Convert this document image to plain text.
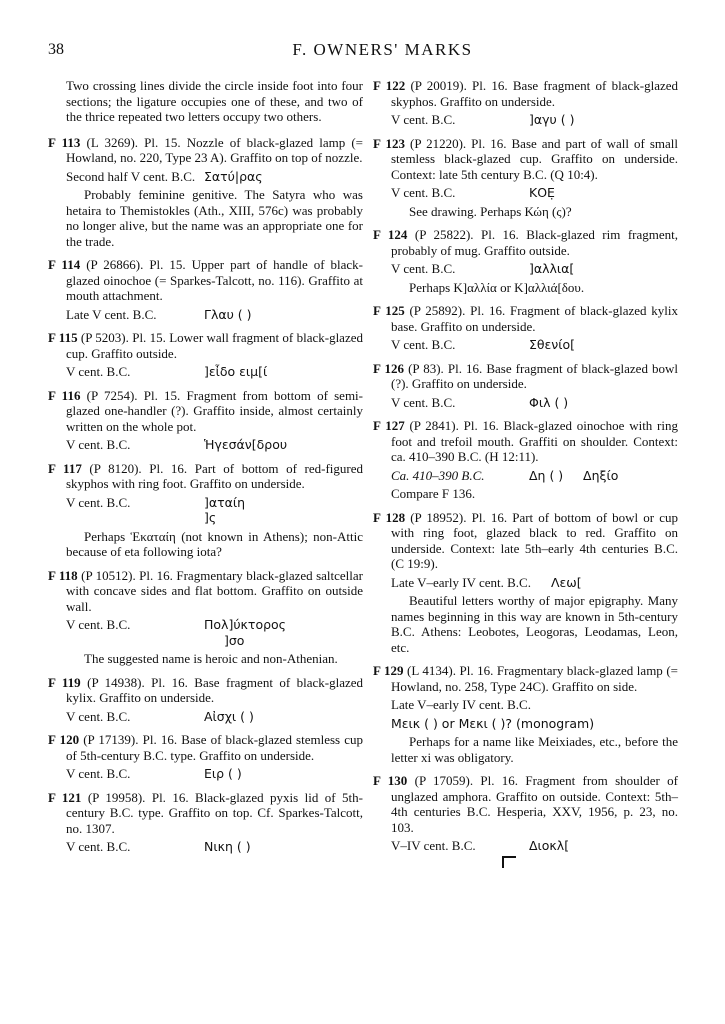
38	F. OWNERS' MARKS

Two crossing lines divide the circle inside foot into four sections; the ligature occupies one of these, and two of the thrice repeated two letters occupy two others.

F 113 (L 3269). Pl. 15. Nozzle of black-glazed lamp (= Howland, no. 220, Type 23 A). Graffito on top of nozzle.

Second half V cent. B.C. Σατύ|ρας

Probably feminine genitive. The Satyra who was hetaira to Themistokles (Ath., XIII, 576c) was probably no longer alive, but the name was an appropriate one for the trade.

F 114 (P 26866). Pl. 15. Upper part of handle of black-glazed oinochoe (= Sparkes-Talcott, no. 116). Graffito at mouth attachment.

Late V cent. B.C.	Γλαυ ( )

F 115 (P 5203). Pl. 15. Lower wall fragment of black-glazed cup. Graffito outside.

V cent. B.C.	]εἶδο ειμ[ί

F 116 (P 7254). Pl. 15. Fragment from bottom of semi-glazed one-handler (?). Graffito inside, almost certainly written on the whole pot.

V cent. B.C.	Ἡγεσάν[δρου

F 117 (P 8120). Pl. 16. Part of bottom of red-figured skyphos with ring foot. Graffito on underside.

V cent. B.C.	]αταίη
]ς

Perhaps Ἑκαταίη (not known in Athens); non-Attic because of eta following iota?

F 118 (P 10512). Pl. 16. Fragmentary black-glazed saltcellar with concave sides and flat bottom. Graffito on outside wall.

V cent. B.C.	Πολ]ύκτορος
]σο

The suggested name is heroic and non-Athenian.

F 119 (P 14938). Pl. 16. Base fragment of black-glazed kylix. Graffito on underside.

V cent. B.C.	Αἰσχι ( )

F 120 (P 17139). Pl. 16. Base of black-glazed stemless cup of 5th-century B.C. type. Graffito on underside.

V cent. B.C.	Ειρ ( )

F 121 (P 19958). Pl. 16. Black-glazed pyxis lid of 5th-century B.C. type. Graffito on top. Cf. Sparkes-Talcott, no. 1307.

V cent. B.C.	Νικη ( )

F 122 (P 20019). Pl. 16. Base fragment of black-glazed skyphos. Graffito on underside.

V cent. B.C.	]αγυ ( )

F 123 (P 21220). Pl. 16. Base and part of wall of small stemless black-glazed cup. Graffito on underside. Context: late 5th century B.C. (Q 10:4).

V cent. B.C.	ΚΟΕ̣

See drawing. Perhaps Κώη (ς)?

F 124 (P 25822). Pl. 16. Black-glazed rim fragment, probably of mug. Graffito outside.

V cent. B.C.	]αλλια[

Perhaps Κ]αλλία or Κ]αλλιά[δου.

F 125 (P 25892). Pl. 16. Fragment of black-glazed kylix base. Graffito on underside.

V cent. B.C.	Σθενίο[

F 126 (P 83). Pl. 16. Base fragment of black-glazed bowl (?). Graffito on underside.

V cent. B.C.	Φιλ ( )

F 127 (P 2841). Pl. 16. Black-glazed oinochoe with ring foot and trefoil mouth. Graffiti on shoulder. Context: ca. 410–390 B.C. (H 12:11).

Ca. 410–390 B.C.	Δη ( )     Δηξίο
Compare F 136.

F 128 (P 18952). Pl. 16. Part of bottom of bowl or cup with ring foot, glazed black to red. Graffito on underside. Context: late 5th–early 4th centuries B.C. (C 19:9).

Late V–early IV cent. B.C.	Λεω[

Beautiful letters worthy of major epigraphy. Many names beginning in this way are known in 5th-century B.C. Athens: Leobotes, Leogoras, Leodamas, Leon, etc.

F 129 (L 4134). Pl. 16. Fragmentary black-glazed lamp (= Howland, no. 258, Type 24C). Graffito on side.

Late V–early IV cent. B.C.
Μεικ ( ) or Μεκι ( )? (monogram)

Perhaps for a name like Meixiades, etc., before the letter xi was obligatory.

F 130 (P 17059). Pl. 16. Fragment from shoulder of unglazed amphora. Graffito on outside. Context: 5th–4th centuries B.C. Hesperia, XXV, 1956, p. 23, no. 103.

V–IV cent. B.C.	Διοκλ[
